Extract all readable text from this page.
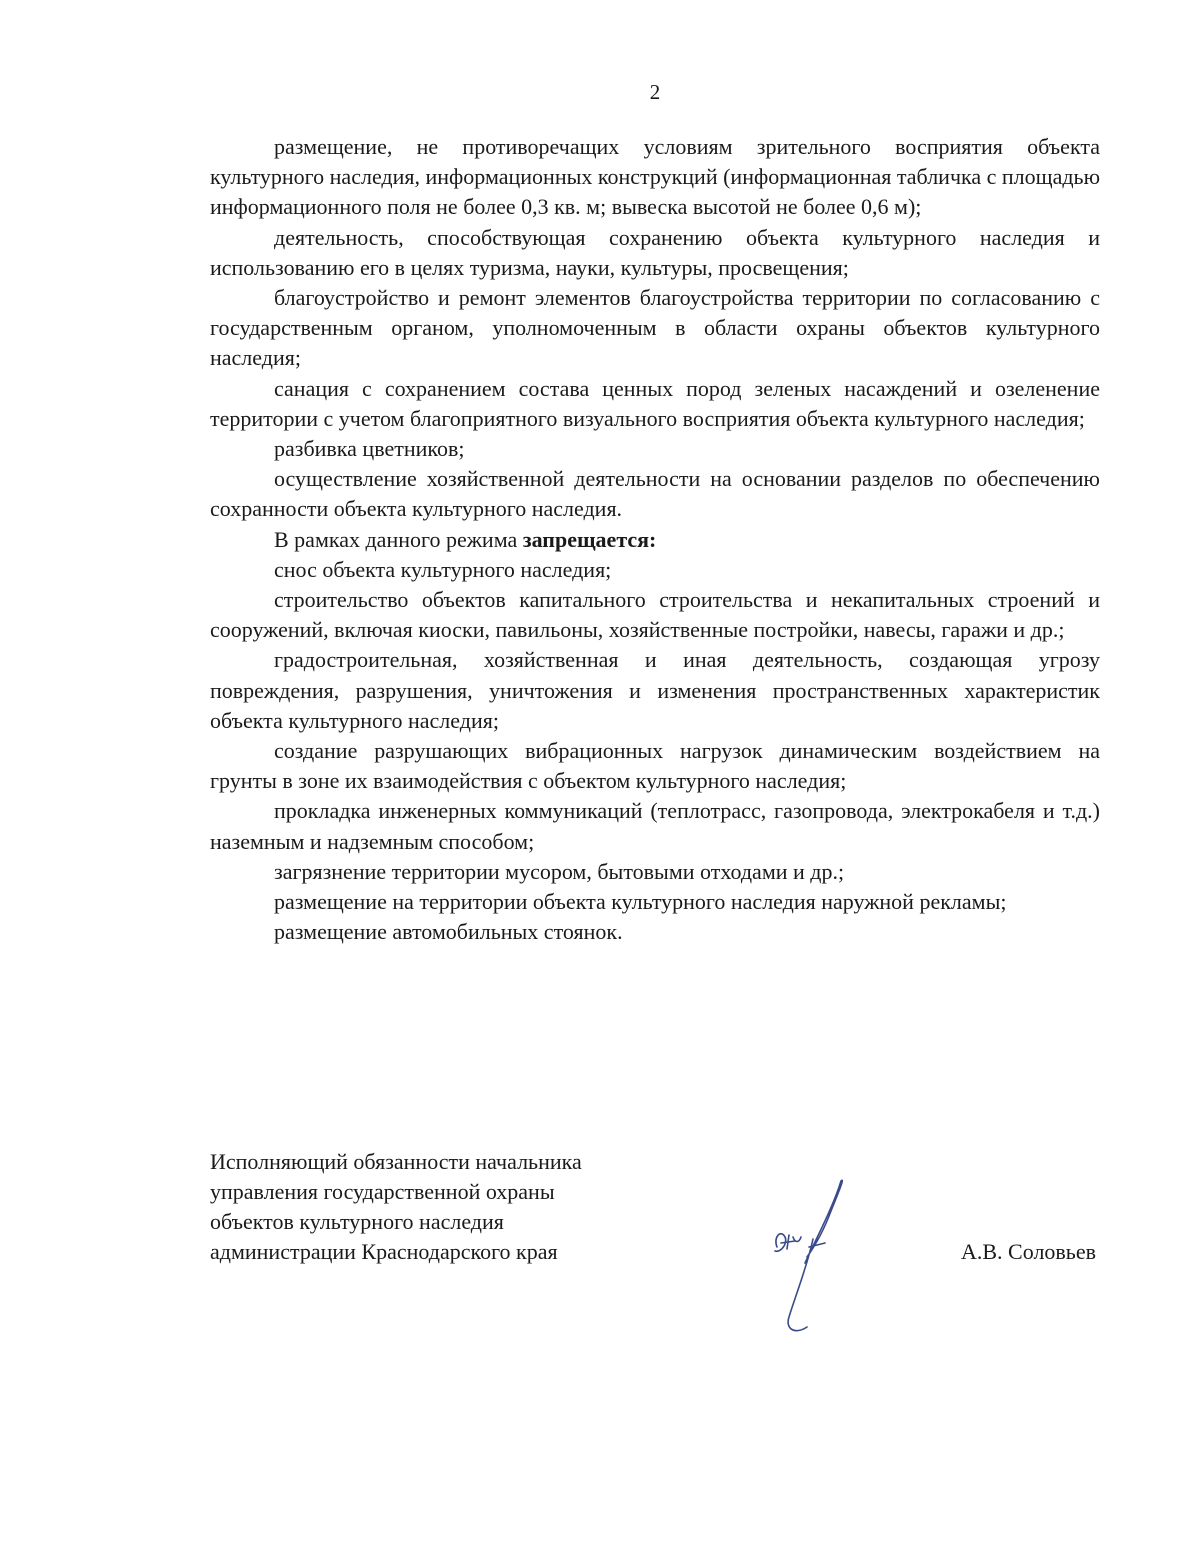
2

размещение, не противоречащих условиям зрительного восприятия объекта культурного наследия, информационных конструкций (информационная табличка с площадью информационного поля не более 0,3 кв. м; вывеска высотой не более 0,6 м);

деятельность, способствующая сохранению объекта культурного наследия и использованию его в целях туризма, науки, культуры, просвещения;

благоустройство и ремонт элементов благоустройства территории по согласованию с государственным органом, уполномоченным в области охраны объектов культурного наследия;

санация с сохранением состава ценных пород зеленых насаждений и озеленение территории с учетом благоприятного визуального восприятия объекта культурного наследия;

разбивка цветников;

осуществление хозяйственной деятельности на основании разделов по обеспечению сохранности объекта культурного наследия.

В рамках данного режима запрещается:

снос объекта культурного наследия;

строительство объектов капитального строительства и некапитальных строений и сооружений, включая киоски, павильоны, хозяйственные постройки, навесы, гаражи и др.;

градостроительная, хозяйственная и иная деятельность, создающая угрозу повреждения, разрушения, уничтожения и изменения пространственных характеристик объекта культурного наследия;

создание разрушающих вибрационных нагрузок динамическим воздействием на грунты в зоне их взаимодействия с объектом культурного наследия;

прокладка инженерных коммуникаций (теплотрасс, газопровода, электрокабеля и т.д.) наземным и надземным способом;

загрязнение территории мусором, бытовыми отходами и др.;

размещение на территории объекта культурного наследия наружной рекламы;

размещение автомобильных стоянок.

Исполняющий обязанности начальника
управления государственной охраны
объектов культурного наследия
администрации Краснодарского края	А.В. Соловьев
